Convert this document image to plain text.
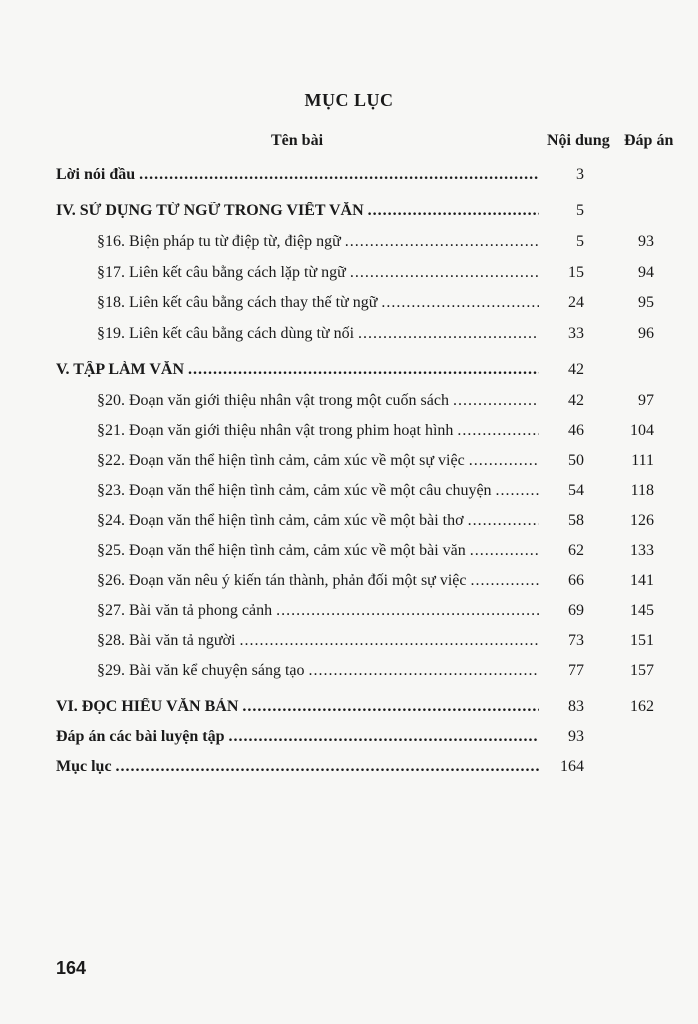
MỤC LỤC
Tên bài	Nội dung Đáp án
Lời nói đầu .....	3
IV. SỬ DỤNG TỪ NGỮ TRONG VIẾT VĂN .....	5
§16. Biện pháp tu từ điệp từ, điệp ngữ .....	5	93
§17. Liên kết câu bằng cách lặp từ ngữ .....	15	94
§18. Liên kết câu bằng cách thay thế từ ngữ .....	24	95
§19. Liên kết câu bằng cách dùng từ nối .....	33	96
V. TẬP LÀM VĂN .....	42
§20. Đoạn văn giới thiệu nhân vật trong một cuốn sách .....	42	97
§21. Đoạn văn giới thiệu nhân vật trong phim hoạt hình .....	46	104
§22. Đoạn văn thể hiện tình cảm, cảm xúc về một sự việc .....	50	111
§23. Đoạn văn thể hiện tình cảm, cảm xúc về một câu chuyện .....	54	118
§24. Đoạn văn thể hiện tình cảm, cảm xúc về một bài thơ .....	58	126
§25. Đoạn văn thể hiện tình cảm, cảm xúc về một bài văn .....	62	133
§26. Đoạn văn nêu ý kiến tán thành, phản đối một sự việc .....	66	141
§27. Bài văn tả phong cảnh .....	69	145
§28. Bài văn tả người .....	73	151
§29. Bài văn kể chuyện sáng tạo .....	77	157
VI. ĐỌC HIỂU VĂN BẢN .....	83	162
Đáp án các bài luyện tập .....	93
Mục lục .....	164
164
